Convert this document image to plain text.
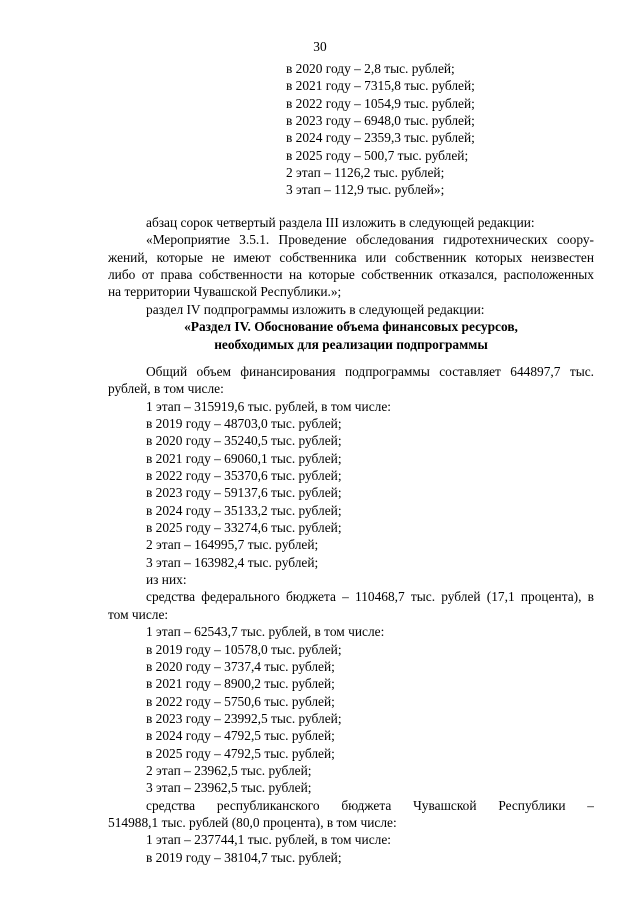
30
в 2020 году – 2,8 тыс. рублей;
в 2021 году – 7315,8 тыс. рублей;
в 2022 году – 1054,9 тыс. рублей;
в 2023 году – 6948,0 тыс. рублей;
в 2024 году – 2359,3 тыс. рублей;
в 2025 году – 500,7 тыс. рублей;
2 этап – 1126,2 тыс. рублей;
3 этап – 112,9 тыс. рублей»;
абзац сорок четвертый раздела III изложить в следующей редакции:
«Мероприятие 3.5.1. Проведение обследования гидротехнических соору-
жений, которые не имеют собственника или собственник которых неизвестен
либо от права собственности на которые собственник отказался, расположенных
на территории Чувашской Республики.»;
раздел IV подпрограммы изложить в следующей редакции:
«Раздел IV. Обоснование объема финансовых ресурсов,
необходимых для реализации подпрограммы
Общий объем финансирования подпрограммы составляет 644897,7 тыс.
рублей, в том числе:
1 этап – 315919,6 тыс. рублей, в том числе:
в 2019 году – 48703,0 тыс. рублей;
в 2020 году – 35240,5 тыс. рублей;
в 2021 году – 69060,1 тыс. рублей;
в 2022 году – 35370,6 тыс. рублей;
в 2023 году – 59137,6 тыс. рублей;
в 2024 году – 35133,2 тыс. рублей;
в 2025 году – 33274,6 тыс. рублей;
2 этап – 164995,7 тыс. рублей;
3 этап – 163982,4 тыс. рублей;
из них:
средства федерального бюджета – 110468,7 тыс. рублей (17,1 процента), в
том числе:
1 этап – 62543,7 тыс. рублей, в том числе:
в 2019 году – 10578,0 тыс. рублей;
в 2020 году – 3737,4 тыс. рублей;
в 2021 году – 8900,2 тыс. рублей;
в 2022 году – 5750,6 тыс. рублей;
в 2023 году – 23992,5 тыс. рублей;
в 2024 году – 4792,5 тыс. рублей;
в 2025 году – 4792,5 тыс. рублей;
2 этап – 23962,5 тыс. рублей;
3 этап – 23962,5 тыс. рублей;
средства республиканского бюджета Чувашской Республики –
514988,1 тыс. рублей (80,0 процента), в том числе:
1 этап – 237744,1 тыс. рублей, в том числе:
в 2019 году – 38104,7 тыс. рублей;
